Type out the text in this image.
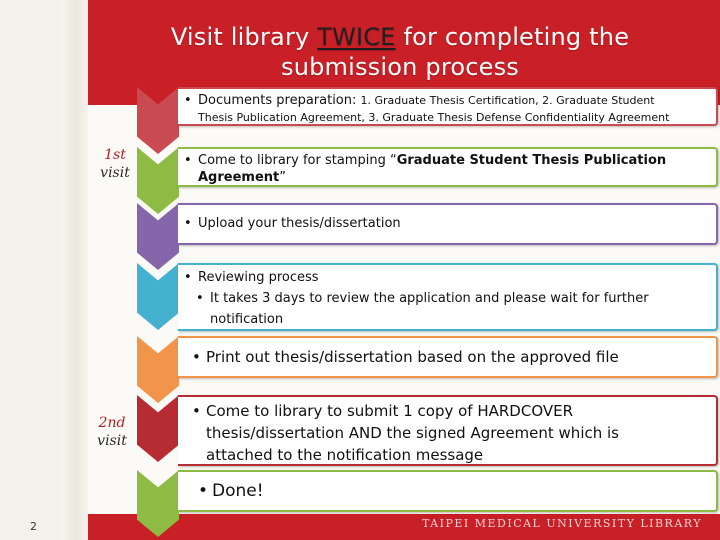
Visit library TWICE for completing the
submission process
1st
visit
2nd
visit
• Documents preparation: 1. Graduate Thesis Certification, 2. Graduate Student
Thesis Publication Agreement, 3. Graduate Thesis Defense Confidentiality Agreement
• Come to library for stamping “Graduate Student Thesis Publication
Agreement”
• Upload your thesis/dissertation
• Reviewing process
• It takes 3 days to review the application and please wait for further
notification
• Print out thesis/dissertation based on the approved file
• Come to library to submit 1 copy of HARDCOVER
thesis/dissertation AND the signed Agreement which is
attached to the notification message
• Done!
2	TAIPEI MEDICAL UNIVERSITY LIBRARY
